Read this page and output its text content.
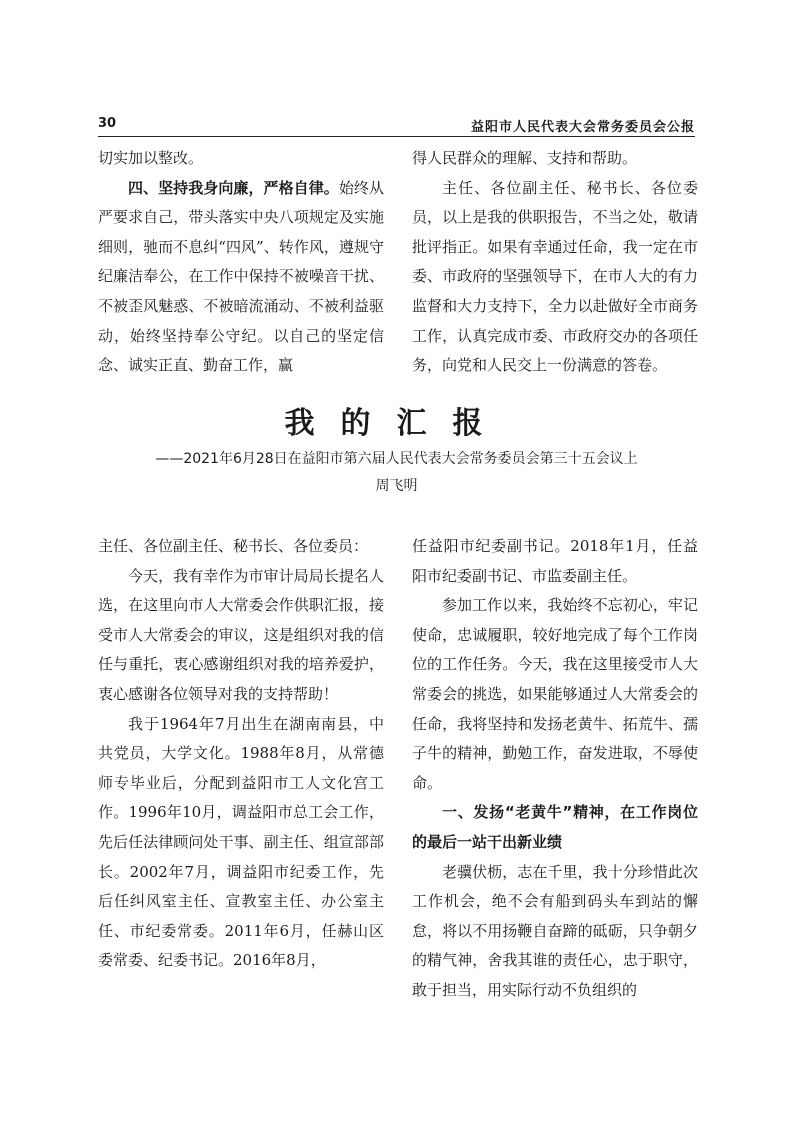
30	益阳市人民代表大会常务委员会公报

切实加以整改。

四、坚持我身向廉，严格自律。始终从严要求自己，带头落实中央八项规定及实施细则，驰而不息纠“四风”、转作风，遵规守纪廉洁奉公，在工作中保持不被噪音干扰、不被歪风魅惑、不被暗流涌动、不被利益驱动，始终坚持奉公守纪。以自己的坚定信念、诚实正直、勤奋工作，赢

得人民群众的理解、支持和帮助。

主任、各位副主任、秘书长、各位委员，以上是我的供职报告，不当之处，敬请批评指正。如果有幸通过任命，我一定在市委、市政府的坚强领导下，在市人大的有力监督和大力支持下，全力以赴做好全市商务工作，认真完成市委、市政府交办的各项任务，向党和人民交上一份满意的答卷。

我的汇报
——2021年6月28日在益阳市第六届人民代表大会常务委员会第三十五会议上
周飞明

主任、各位副主任、秘书长、各位委员：

今天，我有幸作为市审计局局长提名人选，在这里向市人大常委会作供职汇报，接受市人大常委会的审议，这是组织对我的信任与重托，衷心感谢组织对我的培养爱护，衷心感谢各位领导对我的支持帮助！

我于1964年7月出生在湖南南县，中共党员，大学文化。1988年8月，从常德师专毕业后，分配到益阳市工人文化宫工作。1996年10月，调益阳市总工会工作，先后任法律顾问处干事、副主任、组宣部部长。2002年7月，调益阳市纪委工作，先后任纠风室主任、宣教室主任、办公室主任、市纪委常委。2011年6月，任赫山区委常委、纪委书记。2016年8月，

任益阳市纪委副书记。2018年1月，任益阳市纪委副书记、市监委副主任。

参加工作以来，我始终不忘初心，牢记使命，忠诚履职，较好地完成了每个工作岗位的工作任务。今天，我在这里接受市人大常委会的挑选，如果能够通过人大常委会的任命，我将坚持和发扬老黄牛、拓荒牛、孺子牛的精神，勤勉工作，奋发进取，不辱使命。

一、发扬“老黄牛”精神，在工作岗位的最后一站干出新业绩

老骥伏枥，志在千里，我十分珍惜此次工作机会，绝不会有船到码头车到站的懈怠，将以不用扬鞭自奋蹄的砥砺，只争朝夕的精气神，舍我其谁的责任心，忠于职守，敢于担当，用实际行动不负组织的
